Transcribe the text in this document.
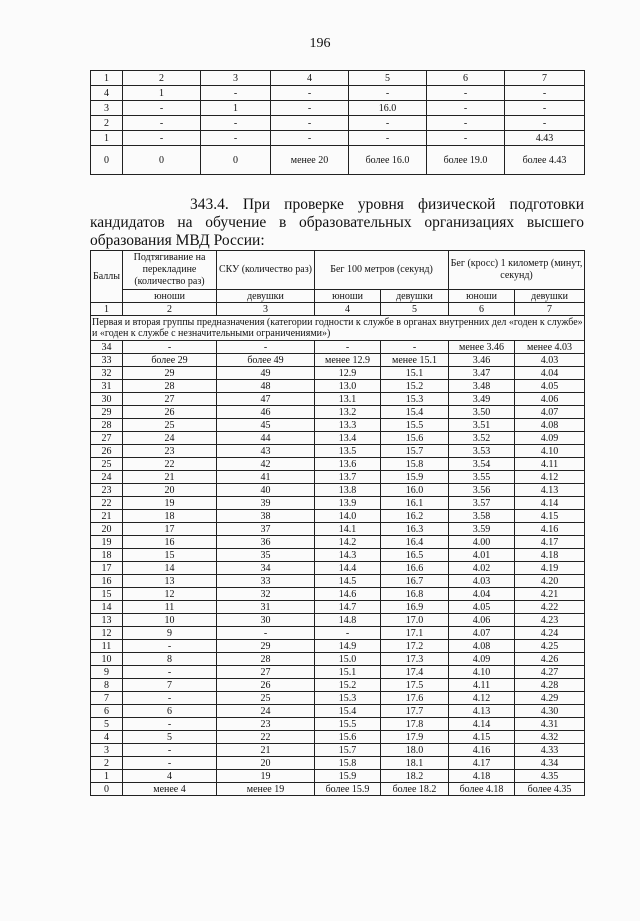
196
1	2	3	4	5	6	7
4	1	-	-	-	-	-
3	-	1	-	16.0	-	-
2	-	-	-	-	-	-
1	-	-	-	-	-	4.43
0	0	0	менее 20	более 16.0	более 19.0	более 4.43

343.4. При проверке уровня физической подготовки кандидатов на обучение в образовательных организациях высшего образования МВД России:

Баллы	Подтягивание на перекладине (количество раз)	СКУ (количество раз)	Бег 100 метров (секунд)		Бег (кросс) 1 километр (минут, секунд)	
	юноши	девушки	юноши	девушки	юноши	девушки
1	2	3	4	5	6	7
Первая и вторая группы предназначения (категории годности к службе в органах внутренних дел «годен к службе» и «годен к службе с незначительными ограничениями»)						
34	-	-	-	-	менее 3.46	менее 4.03
33	более 29	более 49	менее 12.9	менее 15.1	3.46	4.03
32	29	49	12.9	15.1	3.47	4.04
31	28	48	13.0	15.2	3.48	4.05
30	27	47	13.1	15.3	3.49	4.06
29	26	46	13.2	15.4	3.50	4.07
28	25	45	13.3	15.5	3.51	4.08
27	24	44	13.4	15.6	3.52	4.09
26	23	43	13.5	15.7	3.53	4.10
25	22	42	13.6	15.8	3.54	4.11
24	21	41	13.7	15.9	3.55	4.12
23	20	40	13.8	16.0	3.56	4.13
22	19	39	13.9	16.1	3.57	4.14
21	18	38	14.0	16.2	3.58	4.15
20	17	37	14.1	16.3	3.59	4.16
19	16	36	14.2	16.4	4.00	4.17
18	15	35	14.3	16.5	4.01	4.18
17	14	34	14.4	16.6	4.02	4.19
16	13	33	14.5	16.7	4.03	4.20
15	12	32	14.6	16.8	4.04	4.21
14	11	31	14.7	16.9	4.05	4.22
13	10	30	14.8	17.0	4.06	4.23
12	9	-	-	17.1	4.07	4.24
11	-	29	14.9	17.2	4.08	4.25
10	8	28	15.0	17.3	4.09	4.26
9	-	27	15.1	17.4	4.10	4.27
8	7	26	15.2	17.5	4.11	4.28
7	-	25	15.3	17.6	4.12	4.29
6	6	24	15.4	17.7	4.13	4.30
5	-	23	15.5	17.8	4.14	4.31
4	5	22	15.6	17.9	4.15	4.32
3	-	21	15.7	18.0	4.16	4.33
2	-	20	15.8	18.1	4.17	4.34
1	4	19	15.9	18.2	4.18	4.35
0	менее 4	менее 19	более 15.9	более 18.2	более 4.18	более 4.35
